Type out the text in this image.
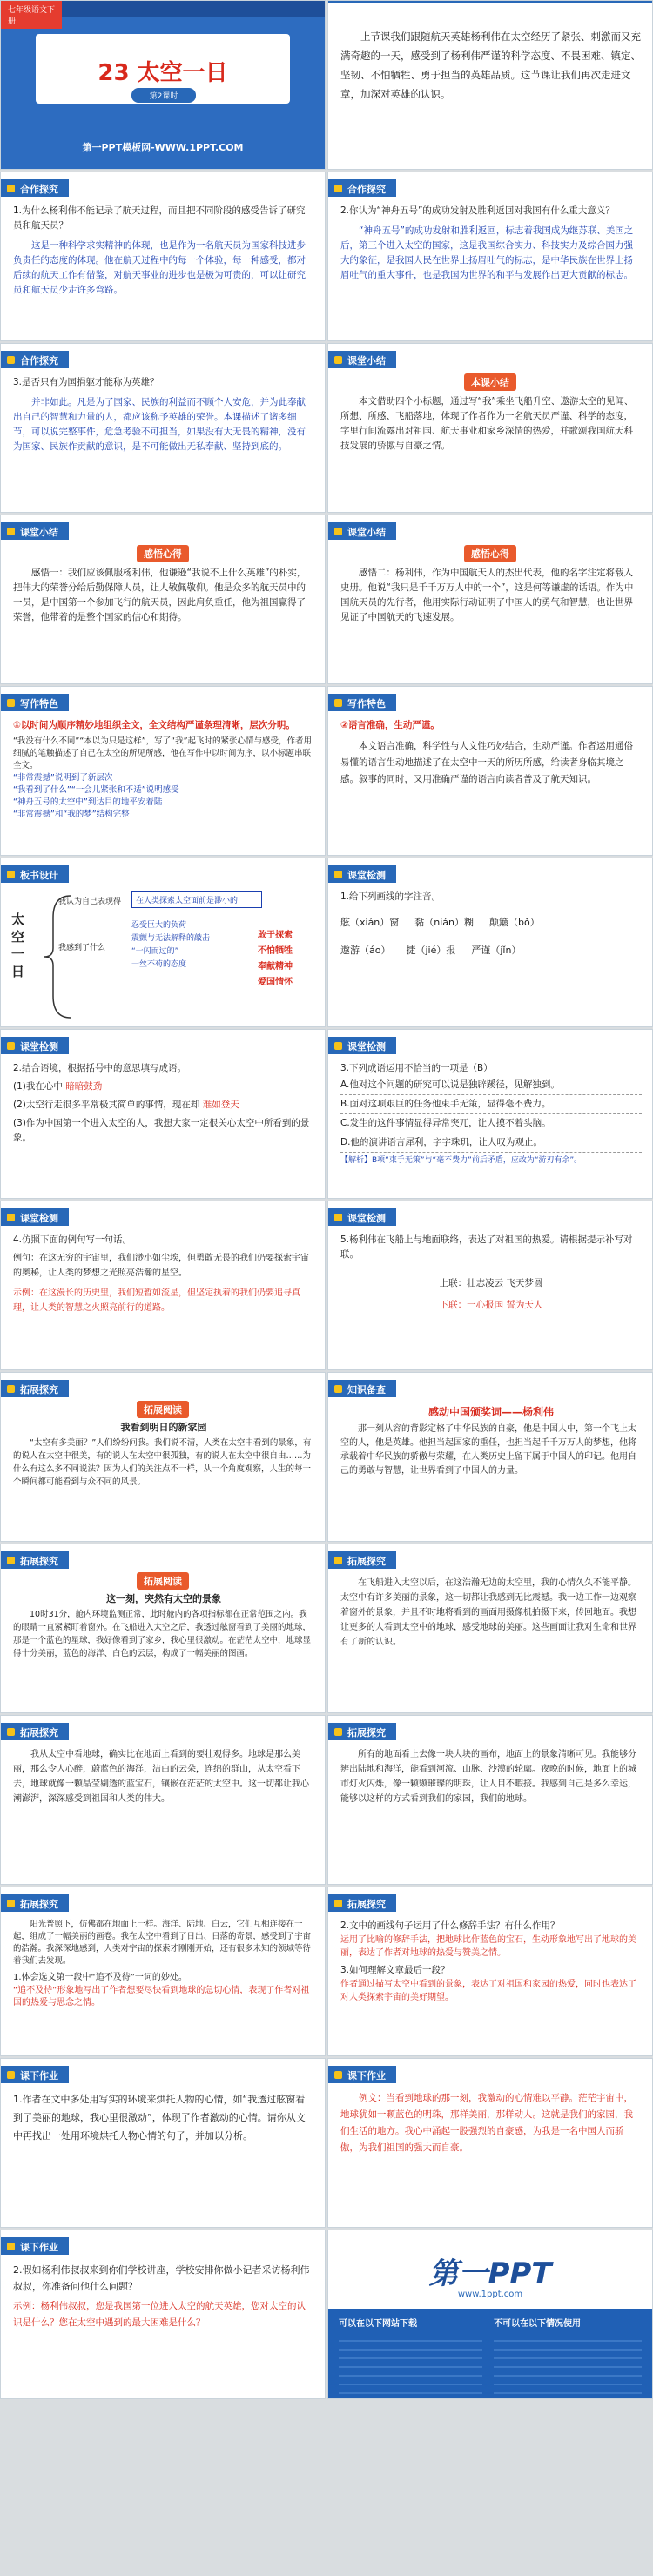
七年级语文下册
23 太空一日
第2课时
第一PPT模板网-WWW.1PPT.COM
上节课我们跟随航天英雄杨利伟在太空经历了紧张、刺激而又充满奇趣的一天，感受到了杨利伟严谨的科学态度、不畏困难、镇定、坚韧、不怕牺牲、勇于担当的英雄品质。这节课让我们再次走进文章，加深对英雄的认识。
合作探究
1.为什么杨利伟不能记录了航天过程，而且把不同阶段的感受告诉了研究员和航天员？
这是一种科学求实精神的体现，也是作为一名航天员为国家科技进步负责任的态度的体现。他在航天过程中的每一个体验，每一种感受，都对后续的航天工作有借鉴，对航天事业的进步也是极为可贵的，可以让研究员和航天员少走许多弯路。
合作探究
2.你认为“神舟五号”的成功发射及胜利返回对我国有什么重大意义？
“神舟五号”的成功发射和胜利返回，标志着我国成为继苏联、美国之后，第三个进入太空的国家，这是我国综合实力、科技实力及综合国力强大的象征，是我国人民在世界上扬眉吐气的标志，是中华民族在世界上扬眉吐气的重大事件，也是我国为世界的和平与发展作出更大贡献的标志。
合作探究
3.是否只有为国捐躯才能称为英雄？
并非如此。凡是为了国家、民族的利益而不顾个人安危，并为此奉献出自己的智慧和力量的人，都应该称予英雄的荣誉。本课描述了诸多细节，可以说完整事件，危急考验不可担当，如果没有大无畏的精神，没有为国家、民族作贡献的意识，是不可能做出无私奉献、坚持到底的。
课堂小结
本课小结
本文借助四个小标题，通过写“我”乘坐飞船升空、遨游太空的见闻、所想、所感、飞船落地，体现了作者作为一名航天员严谨、科学的态度，字里行间流露出对祖国、航天事业和家乡深情的热爱，并歌颂我国航天科技发展的骄傲与自豪之情。
课堂小结
感悟心得
感悟一：我们应该佩服杨利伟，他谦逊“我说不上什么英雄”的朴实，把伟大的荣誉分给后勤保障人员，让人敬佩敬仰。他是众多的航天员中的一员，是中国第一个参加飞行的航天员，因此肩负重任，他为祖国赢得了荣誉，他带着的是整个国家的信心和期待。
课堂小结
感悟心得
感悟二：杨利伟，作为中国航天人的杰出代表，他的名字注定将载入史册。他说“我只是千千万万人中的一个”，这是何等谦虚的话语。作为中国航天员的先行者，他用实际行动证明了中国人的勇气和智慧，也让世界见证了中国航天的飞速发展。
写作特色
①以时间为顺序精妙地组织全文，全文结构严谨条理清晰，层次分明。
“我没有什么不同”“本以为只是这样”，写了“我”起飞时的紧张心情与感受，作者用细腻的笔触描述了自己在太空的所见所感，他在写作中以时间为序，以小标题串联全文。
“非常震撼”说明到了新层次
“我看到了什么”“一会儿紧张和不适”说明感受
“神舟五号的太空中”到达目的地平安着陆
“非常震撼”和“我的梦”结构完整
写作特色
②语言准确，生动严谨。
本文语言准确，科学性与人文性巧妙结合，生动严谨。作者运用通俗易懂的语言生动地描述了在太空中一天的所历所感，给读者身临其境之感。叙事的同时，又用准确严谨的语言向读者普及了航天知识。
板书设计
太空一日
我认为自己表现得	在人类探索太空面前是渺小的
我感到了什么
忍受巨大的负荷
震颤与无法解释的敲击
“一闪而过的”
一丝不苟的态度
敢于探索
不怕牺牲
奉献精神
爱国情怀
课堂检测
1.给下列画线的字注音。
舷（xián）窗 黏（nián）糊 颠簸（bǒ）
遨游（áo） 捷（jié）报 严谨（jǐn）
课堂检测
2.结合语境，根据括号中的意思填写成语。
(1)我在心中 暗暗鼓劲
(2)太空行走很多平常极其简单的事情，现在却 难如登天
(3)作为中国第一个进入太空的人，我想大家一定很关心太空中所看到的景象。
课堂检测
3.下列成语运用不恰当的一项是（B）
A.他对这个问题的研究可以说是独辟蹊径，见解独到。
B.面对这项艰巨的任务他束手无策，显得毫不费力。
C.发生的这件事情显得异常突兀，让人摸不着头脑。
D.他的演讲语言犀利，字字珠玑，让人叹为观止。
【解析】B项“束手无策”与“毫不费力”前后矛盾，应改为“游刃有余”。
课堂检测
4.仿照下面的例句写一句话。
例句：在这无穷的宇宙里，我们渺小如尘埃，但勇敢无畏的我们仍要探索宇宙的奥秘，让人类的梦想之光照亮浩瀚的星空。
示例：在这漫长的历史里，我们短暂如流星，但坚定执着的我们仍要追寻真理，让人类的智慧之火照亮前行的道路。
课堂检测
5.杨利伟在飞船上与地面联络，表达了对祖国的热爱。请根据提示补写对联。
上联：壮志凌云 飞天梦圆
下联：一心报国 誓为天人
拓展探究
拓展阅读
我看到明日的新家园
“太空有多美丽？”人们纷纷问我。我们说不清，人类在太空中看到的景象，有的说人在太空中很美，有的说人在太空中很孤独，有的说人在太空中很自由……为什么有这么多不同说法？因为人们的关注点不一样，从一个角度观察，人生的每一个瞬间都可能看到与众不同的风景。
知识备查
感动中国颁奖词——杨利伟
那一刻从容的背影定格了中华民族的自豪，他是中国人中，第一个飞上太空的人，他是英雄。他担当起国家的重任，也担当起千千万万人的梦想，他将承载着中华民族的骄傲与荣耀，在人类历史上留下属于中国人的印记。他用自己的勇敢与智慧，让世界看到了中国人的力量。
拓展探究
拓展阅读
这一刻，突然有太空的景象
10时31分，舱内环境监测正常，此时舱内的各项指标都在正常范围之内。我的眼睛一直紧紧盯着窗外。在飞船进入太空之后，我透过舷窗看到了美丽的地球，那是一个蓝色的星球，我好像看到了家乡，我心里很激动。在茫茫太空中，地球显得十分美丽，蓝色的海洋、白色的云层，构成了一幅美丽的图画。
拓展探究
在飞船进入太空以后，在这浩瀚无边的太空里，我的心情久久不能平静。太空中有许多美丽的景象，这一切都让我感到无比震撼。我一边工作一边观察着窗外的景象，并且不时地将看到的画面用摄像机拍摄下来，传回地面。我想让更多的人看到太空中的地球，感受地球的美丽。这些画面让我对生命和世界有了新的认识。
拓展探究
我从太空中看地球，确实比在地面上看到的要壮观得多。地球是那么美丽，那么令人心醉，蔚蓝色的海洋，洁白的云朵，连绵的群山，从太空看下去，地球就像一颗晶莹剔透的蓝宝石，镶嵌在茫茫的太空中。这一切都让我心潮澎湃，深深感受到祖国和人类的伟大。
拓展探究
所有的地面看上去像一块大块的画布，地面上的景象清晰可见。我能够分辨出陆地和海洋，能看到河流、山脉、沙漠的轮廓。夜晚的时候，地面上的城市灯火闪烁，像一颗颗璀璨的明珠，让人目不暇接。我感到自己是多么幸运，能够以这样的方式看到我们的家园，我们的地球。
拓展探究
阳光普照下，仿佛都在地面上一样。海洋、陆地、白云，它们互相连接在一起，组成了一幅美丽的画卷。我在太空中看到了日出、日落的奇景，感受到了宇宙的浩瀚。我深深地感到，人类对宇宙的探索才刚刚开始，还有很多未知的领域等待着我们去发现。
1.体会选文第一段中“追不及待”一词的妙处。
“追不及待”形象地写出了作者想要尽快看到地球的急切心情，表现了作者对祖国的热爱与思念之情。
拓展探究
2.文中的画线句子运用了什么修辞手法？有什么作用？
运用了比喻的修辞手法，把地球比作蓝色的宝石，生动形象地写出了地球的美丽，表达了作者对地球的热爱与赞美之情。
3.如何理解文章最后一段？
作者通过描写太空中看到的景象，表达了对祖国和家园的热爱，同时也表达了对人类探索宇宙的美好期望。
课下作业
1.作者在文中多处用写实的环境来烘托人物的心情，如“我透过舷窗看到了美丽的地球，我心里很激动”，体现了作者激动的心情。请你从文中再找出一处用环境烘托人物心情的句子，并加以分析。
课下作业
例文：当看到地球的那一刻，我激动的心情难以平静。茫茫宇宙中，地球犹如一颗蓝色的明珠，那样美丽，那样动人。这就是我们的家园，我们生活的地方。我心中涌起一股强烈的自豪感，为我是一名中国人而骄傲，为我们祖国的强大而自豪。
课下作业
2.假如杨利伟叔叔来到你们学校讲座，学校安排你做小记者采访杨利伟叔叔，你准备问他什么问题？
示例：杨利伟叔叔，您是我国第一位进入太空的航天英雄，您对太空的认识是什么？您在太空中遇到的最大困难是什么？
第一PPT
www.1ppt.com
可以在以下网站下载	不可以在以下情况使用
